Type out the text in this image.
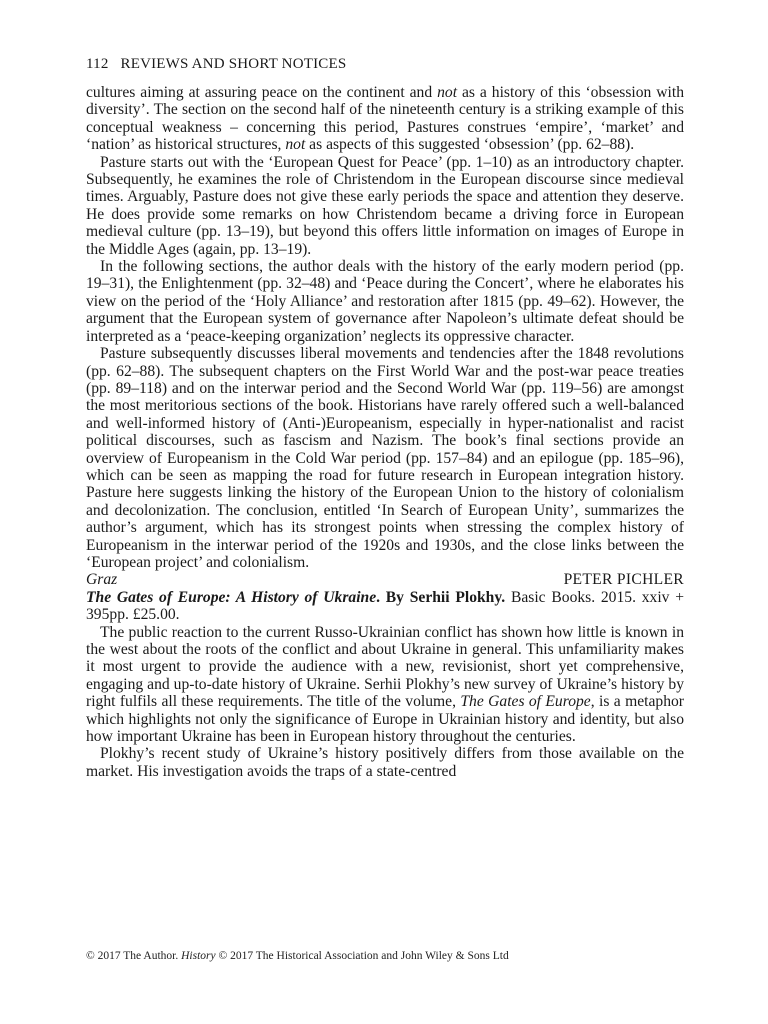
112 REVIEWS AND SHORT NOTICES

cultures aiming at assuring peace on the continent and not as a history of this ‘obsession with diversity’. The section on the second half of the nineteenth century is a striking example of this conceptual weakness – concerning this period, Pastures construes ‘empire’, ‘market’ and ‘nation’ as historical structures, not as aspects of this suggested ‘obsession’ (pp. 62–88).

Pasture starts out with the ‘European Quest for Peace’ (pp. 1–10) as an introductory chapter. Subsequently, he examines the role of Christendom in the European discourse since medieval times. Arguably, Pasture does not give these early periods the space and attention they deserve. He does provide some remarks on how Christendom became a driving force in European medieval culture (pp. 13–19), but beyond this offers little information on images of Europe in the Middle Ages (again, pp. 13–19).

In the following sections, the author deals with the history of the early modern period (pp. 19–31), the Enlightenment (pp. 32–48) and ‘Peace during the Concert’, where he elaborates his view on the period of the ‘Holy Alliance’ and restoration after 1815 (pp. 49–62). However, the argument that the European system of governance after Napoleon’s ultimate defeat should be interpreted as a ‘peace-keeping organization’ neglects its oppressive character.

Pasture subsequently discusses liberal movements and tendencies after the 1848 revolutions (pp. 62–88). The subsequent chapters on the First World War and the post-war peace treaties (pp. 89–118) and on the interwar period and the Second World War (pp. 119–56) are amongst the most meritorious sections of the book. Historians have rarely offered such a well-balanced and well-informed history of (Anti-)Europeanism, especially in hyper-nationalist and racist political discourses, such as fascism and Nazism. The book’s final sections provide an overview of Europeanism in the Cold War period (pp. 157–84) and an epilogue (pp. 185–96), which can be seen as mapping the road for future research in European integration history. Pasture here suggests linking the history of the European Union to the history of colonialism and decolonization. The conclusion, entitled ‘In Search of European Unity’, summarizes the author’s argument, which has its strongest points when stressing the complex history of Europeanism in the interwar period of the 1920s and 1930s, and the close links between the ‘European project’ and colonialism.

Graz	PETER PICHLER

The Gates of Europe: A History of Ukraine. By Serhii Plokhy. Basic Books. 2015. xxiv + 395pp. £25.00.

The public reaction to the current Russo-Ukrainian conflict has shown how little is known in the west about the roots of the conflict and about Ukraine in general. This unfamiliarity makes it most urgent to provide the audience with a new, revisionist, short yet comprehensive, engaging and up-to-date history of Ukraine. Serhii Plokhy’s new survey of Ukraine’s history by right fulfils all these requirements. The title of the volume, The Gates of Europe, is a metaphor which highlights not only the significance of Europe in Ukrainian history and identity, but also how important Ukraine has been in European history throughout the centuries.

Plokhy’s recent study of Ukraine’s history positively differs from those available on the market. His investigation avoids the traps of a state-centred

© 2017 The Author. History © 2017 The Historical Association and John Wiley & Sons Ltd
